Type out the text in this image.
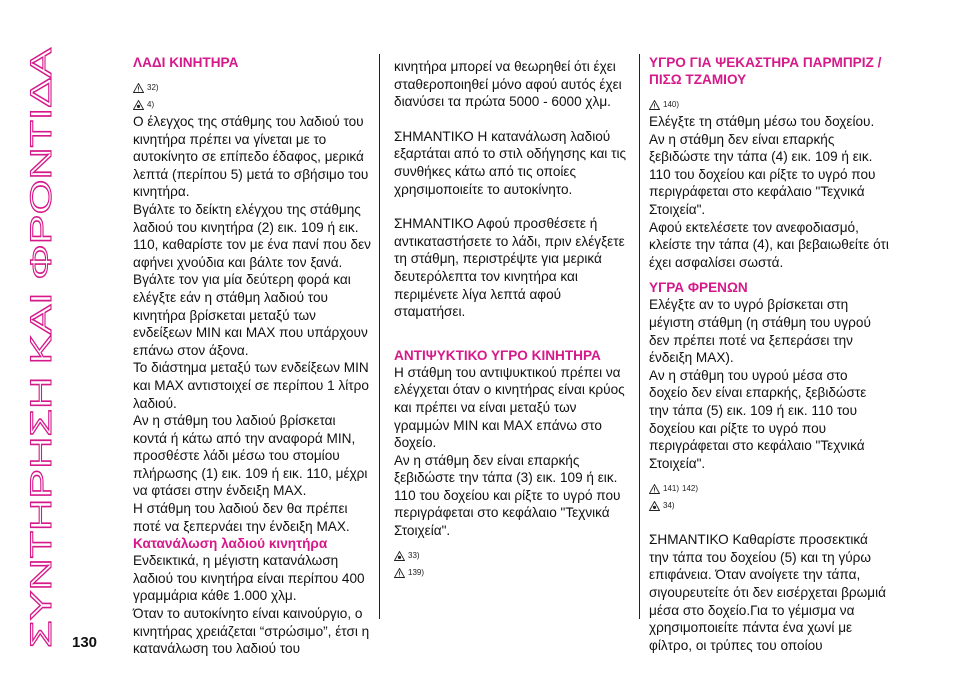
ΣΥΝΤΗΡΗΣΗ ΚΑΙ ΦΡΟΝΤΙΔΑ

ΛΑΔΙ ΚΙΝΗΤΗΡΑ

32)
4)

Ο έλεγχος της στάθμης του λαδιού του κινητήρα πρέπει να γίνεται με το αυτοκίνητο σε επίπεδο έδαφος, μερικά λεπτά (περίπου 5) μετά το σβήσιμο του κινητήρα.

Βγάλτε το δείκτη ελέγχου της στάθμης λαδιού του κινητήρα (2) εικ. 109 ή εικ. 110, καθαρίστε τον με ένα πανί που δεν αφήνει χνούδια και βάλτε τον ξανά. Βγάλτε τον για μία δεύτερη φορά και ελέγξτε εάν η στάθμη λαδιού του κινητήρα βρίσκεται μεταξύ των ενδείξεων MIN και MAX που υπάρχουν επάνω στον άξονα.

Το διάστημα μεταξύ των ενδείξεων MIN και MAX αντιστοιχεί σε περίπου 1 λίτρο λαδιού.

Αν η στάθμη του λαδιού βρίσκεται κοντά ή κάτω από την αναφορά MIN, προσθέστε λάδι μέσω του στομίου πλήρωσης (1) εικ. 109 ή εικ. 110, μέχρι να φτάσει στην ένδειξη MAX.

Η στάθμη του λαδιού δεν θα πρέπει ποτέ να ξεπερνάει την ένδειξη MAX.

Κατανάλωση λαδιού κινητήρα

Ενδεικτικά, η μέγιστη κατανάλωση λαδιού του κινητήρα είναι περίπου 400 γραμμάρια κάθε 1.000 χλμ.

Όταν το αυτοκίνητο είναι καινούργιο, ο κινητήρας χρειάζεται “στρώσιμο”, έτσι η κατανάλωση του λαδιού του

κινητήρα μπορεί να θεωρηθεί ότι έχει σταθεροποιηθεί μόνο αφού αυτός έχει διανύσει τα πρώτα 5000 - 6000 χλμ.

ΣΗΜΑΝΤΙΚΟ Η κατανάλωση λαδιού εξαρτάται από το στιλ οδήγησης και τις συνθήκες κάτω από τις οποίες χρησιμοποιείτε το αυτοκίνητο.

ΣΗΜΑΝΤΙΚΟ Αφού προσθέσετε ή αντικαταστήσετε το λάδι, πριν ελέγξετε τη στάθμη, περιστρέψτε για μερικά δευτερόλεπτα τον κινητήρα και περιμένετε λίγα λεπτά αφού σταματήσει.

ΑΝΤΙΨΥΚΤΙΚΟ ΥΓΡΟ ΚΙΝΗΤΗΡΑ

Η στάθμη του αντιψυκτικού πρέπει να ελέγχεται όταν ο κινητήρας είναι κρύος και πρέπει να είναι μεταξύ των γραμμών MIN και MAX επάνω στο δοχείο.

Αν η στάθμη δεν είναι επαρκής ξεβιδώστε την τάπα (3) εικ. 109 ή εικ. 110 του δοχείου και ρίξτε το υγρό που περιγράφεται στο κεφάλαιο "Τεχνικά Στοιχεία".

33)
139)

ΥΓΡΟ ΓΙΑ ΨΕΚΑΣΤΗΡΑ ΠΑΡΜΠΡΙΖ / ΠΙΣΩ ΤΖΑΜΙΟΥ

140)

Ελέγξτε τη στάθμη μέσω του δοχείου.

Αν η στάθμη δεν είναι επαρκής ξεβιδώστε την τάπα (4) εικ. 109 ή εικ. 110 του δοχείου και ρίξτε το υγρό που περιγράφεται στο κεφάλαιο "Τεχνικά Στοιχεία".

Αφού εκτελέσετε τον ανεφοδιασμό, κλείστε την τάπα (4), και βεβαιωθείτε ότι έχει ασφαλίσει σωστά.

ΥΓΡΑ ΦΡΕΝΩΝ

Ελέγξτε αν το υγρό βρίσκεται στη μέγιστη στάθμη (η στάθμη του υγρού δεν πρέπει ποτέ να ξεπεράσει την ένδειξη MAX).

Αν η στάθμη του υγρού μέσα στο δοχείο δεν είναι επαρκής, ξεβιδώστε την τάπα (5) εικ. 109 ή εικ. 110 του δοχείου και ρίξτε το υγρό που περιγράφεται στο κεφάλαιο "Τεχνικά Στοιχεία".

141) 142)
34)

ΣΗΜΑΝΤΙΚΟ Καθαρίστε προσεκτικά την τάπα του δοχείου (5) και τη γύρω επιφάνεια. Όταν ανοίγετε την τάπα, σιγουρευτείτε ότι δεν εισέρχεται βρωμιά μέσα στο δοχείο.Για το γέμισμα να χρησιμοποιείτε πάντα ένα χωνί με φίλτρο, οι τρύπες του οποίου

130
